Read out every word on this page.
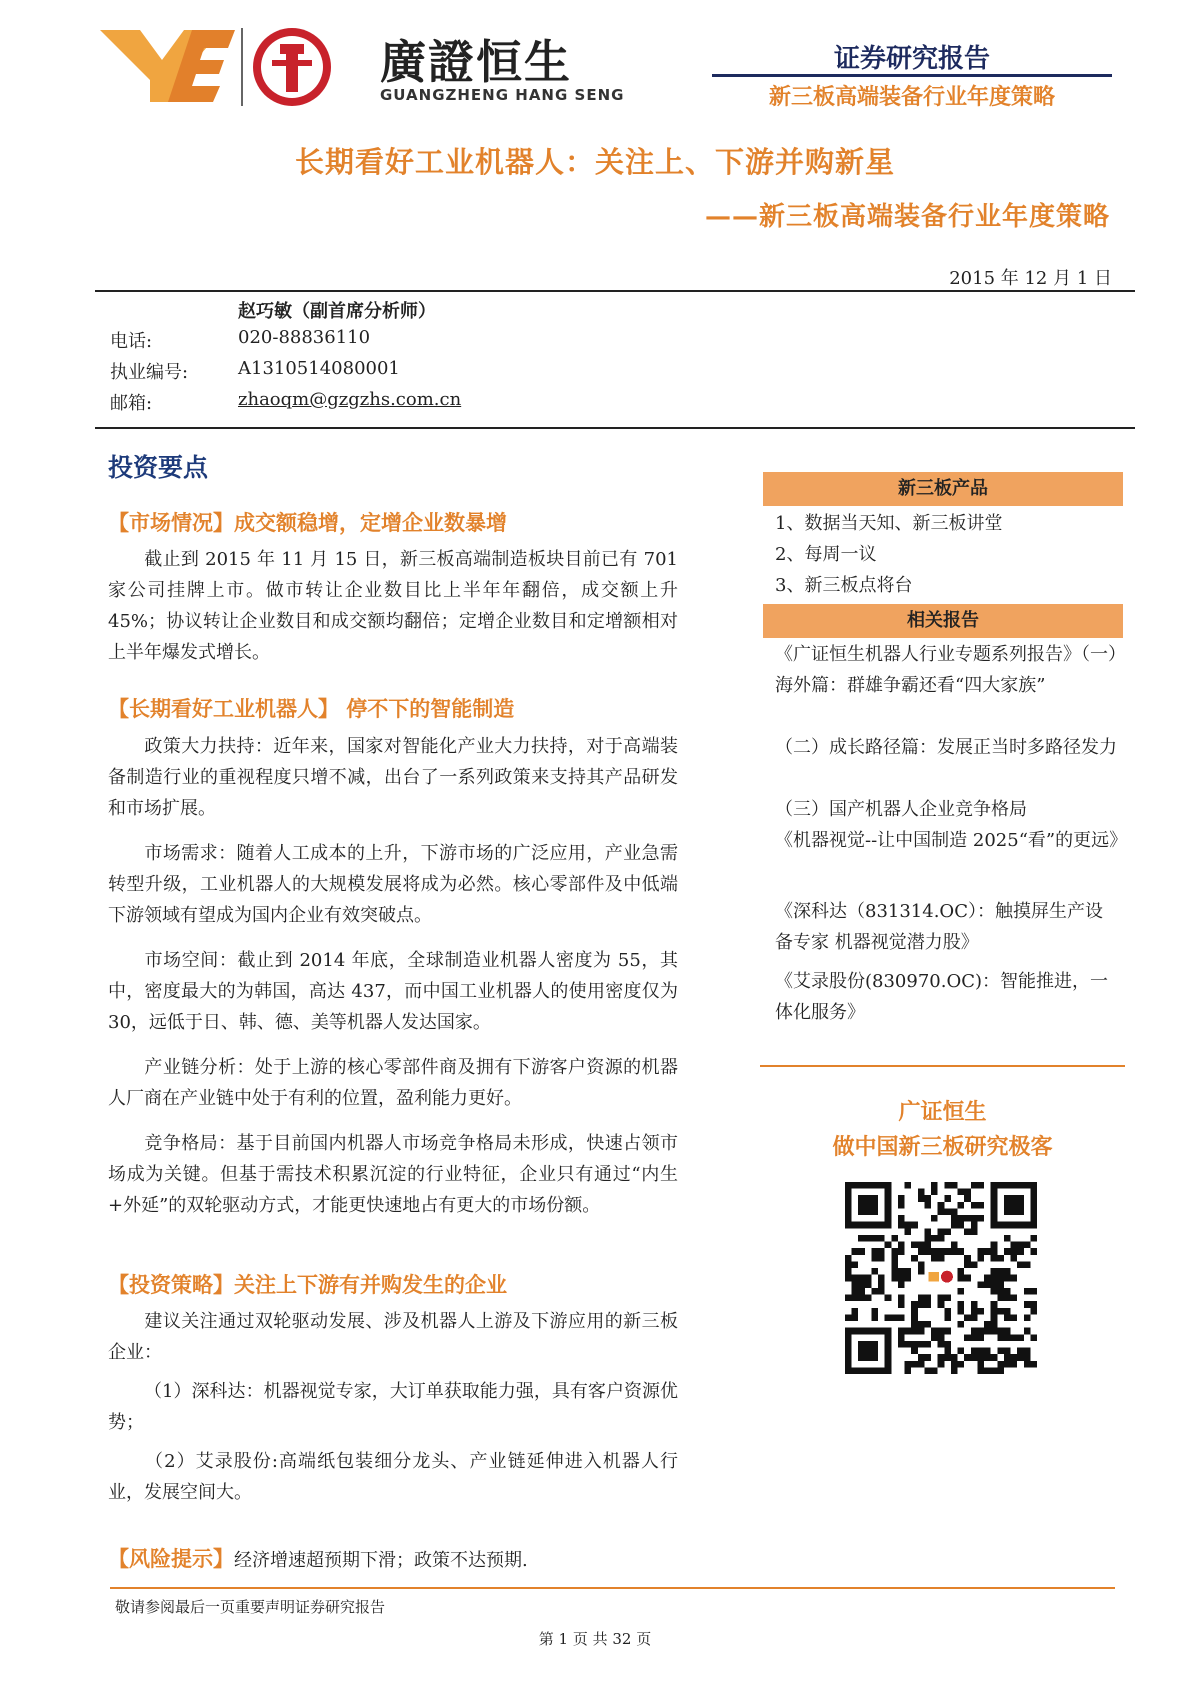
廣證恒生
GUANGZHENG HANG SENG
证券研究报告
新三板高端装备行业年度策略
长期看好工业机器人：关注上、下游并购新星
——新三板高端装备行业年度策略
2015 年 12 月 1 日
赵巧敏（副首席分析师）
电话:	020-88836110
执业编号:	A1310514080001
邮箱:	zhaoqm@gzgzhs.com.cn
投资要点
【市场情况】成交额稳增，定增企业数暴增

截止到 2015 年 11 月 15 日，新三板高端制造板块目前已有 701 家公司挂牌上市。做市转让企业数目比上半年年翻倍，成交额上升 45%；协议转让企业数目和成交额均翻倍；定增企业数目和定增额相对上半年爆发式增长。

【长期看好工业机器人】 停不下的智能制造

政策大力扶持：近年来，国家对智能化产业大力扶持，对于高端装备制造行业的重视程度只增不减，出台了一系列政策来支持其产品研发和市场扩展。

市场需求：随着人工成本的上升，下游市场的广泛应用，产业急需转型升级，工业机器人的大规模发展将成为必然。核心零部件及中低端下游领域有望成为国内企业有效突破点。

市场空间：截止到 2014 年底，全球制造业机器人密度为 55，其中，密度最大的为韩国，高达 437，而中国工业机器人的使用密度仅为 30，远低于日、韩、德、美等机器人发达国家。

产业链分析：处于上游的核心零部件商及拥有下游客户资源的机器人厂商在产业链中处于有利的位置，盈利能力更好。

竞争格局：基于目前国内机器人市场竞争格局未形成，快速占领市场成为关键。但基于需技术积累沉淀的行业特征，企业只有通过“内生+外延”的双轮驱动方式，才能更快速地占有更大的市场份额。

【投资策略】关注上下游有并购发生的企业

建议关注通过双轮驱动发展、涉及机器人上游及下游应用的新三板企业：

（1）深科达：机器视觉专家，大订单获取能力强，具有客户资源优势；

（2）艾录股份:高端纸包装细分龙头、产业链延伸进入机器人行业，发展空间大。

【风险提示】经济增速超预期下滑；政策不达预期.
新三板产品

1、数据当天知、新三板讲堂

2、每周一议

3、新三板点将台

相关报告

《广证恒生机器人行业专题系列报告》（一）海外篇：群雄争霸还看“四大家族”

（二）成长路径篇：发展正当时多路径发力

（三）国产机器人企业竞争格局

《机器视觉--让中国制造 2025“看”的更远》

《深科达（831314.OC）：触摸屏生产设备专家 机器视觉潜力股》

《艾录股份(830970.OC)：智能推进，一体化服务》

广证恒生
做中国新三板研究极客
敬请参阅最后一页重要声明证券研究报告
第 1 页 共 32 页
